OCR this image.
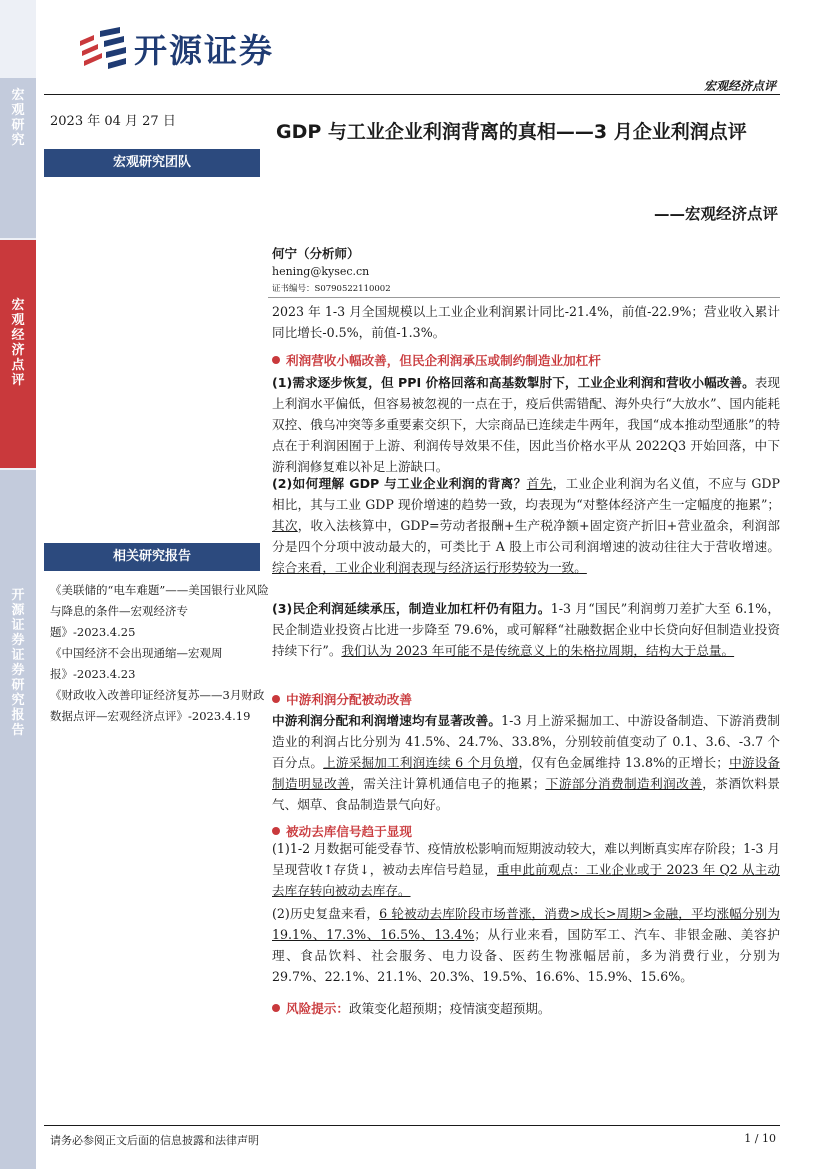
宏观研究
宏观经济点评
开源证券 证券研究报告
开源证券
宏观经济点评
2023 年 04 月 27 日
宏观研究团队
相关研究报告
《美联储的“电车难题”——美国银行业风险与降息的条件—宏观经济专题》-2023.4.25
《中国经济不会出现通缩—宏观周报》-2023.4.23
《财政收入改善印证经济复苏——3月财政数据点评—宏观经济点评》-2023.4.19
GDP 与工业企业利润背离的真相——3 月企业利润点评
——宏观经济点评
何宁（分析师）
hening@kysec.cn
证书编号：S0790522110002
2023 年 1-3 月全国规模以上工业企业利润累计同比-21.4%，前值-22.9%；营业收入累计同比增长-0.5%，前值-1.3%。
利润营收小幅改善，但民企利润承压或制约制造业加杠杆
(1)需求逐步恢复，但 PPI 价格回落和高基数掣肘下，工业企业利润和营收小幅改善。表现上利润水平偏低，但容易被忽视的一点在于，疫后供需错配、海外央行“大放水”、国内能耗双控、俄乌冲突等多重要素交织下，大宗商品已连续走牛两年，我国“成本推动型通胀”的特点在于利润困囿于上游、利润传导效果不佳，因此当价格水平从 2022Q3 开始回落，中下游利润修复难以补足上游缺口。
(2)如何理解 GDP 与工业企业利润的背离？首先，工业企业利润为名义值，不应与 GDP 相比，其与工业 GDP 现价增速的趋势一致，均表现为“对整体经济产生一定幅度的拖累”；其次，收入法核算中，GDP=劳动者报酬+生产税净额+固定资产折旧+营业盈余，利润部分是四个分项中波动最大的，可类比于 A 股上市公司利润增速的波动往往大于营收增速。综合来看，工业企业利润表现与经济运行形势较为一致。
(3)民企利润延续承压，制造业加杠杆仍有阻力。1-3 月“国民”利润剪刀差扩大至 6.1%，民企制造业投资占比进一步降至 79.6%，或可解释“社融数据企业中长贷向好但制造业投资持续下行”。我们认为 2023 年可能不是传统意义上的朱格拉周期，结构大于总量。
中游利润分配被动改善
中游利润分配和利润增速均有显著改善。1-3 月上游采掘加工、中游设备制造、下游消费制造业的利润占比分别为 41.5%、24.7%、33.8%，分别较前值变动了 0.1、3.6、-3.7 个百分点。上游采掘加工利润连续 6 个月负增，仅有色金属维持 13.8%的正增长；中游设备制造明显改善，需关注计算机通信电子的拖累；下游部分消费制造利润改善，茶酒饮料景气、烟草、食品制造景气向好。
被动去库信号趋于显现
(1)1-2 月数据可能受春节、疫情放松影响而短期波动较大，难以判断真实库存阶段；1-3 月呈现营收↑存货↓，被动去库信号趋显，重申此前观点：工业企业或于 2023 年 Q2 从主动去库存转向被动去库存。
(2)历史复盘来看，6 轮被动去库阶段市场普涨，消费>成长>周期>金融，平均涨幅分别为 19.1%、17.3%、16.5%、13.4%；从行业来看，国防军工、汽车、非银金融、美容护理、食品饮料、社会服务、电力设备、医药生物涨幅居前，多为消费行业，分别为 29.7%、22.1%、21.1%、20.3%、19.5%、16.6%、15.9%、15.6%。
风险提示：政策变化超预期；疫情演变超预期。
请务必参阅正文后面的信息披露和法律声明	1 / 10
